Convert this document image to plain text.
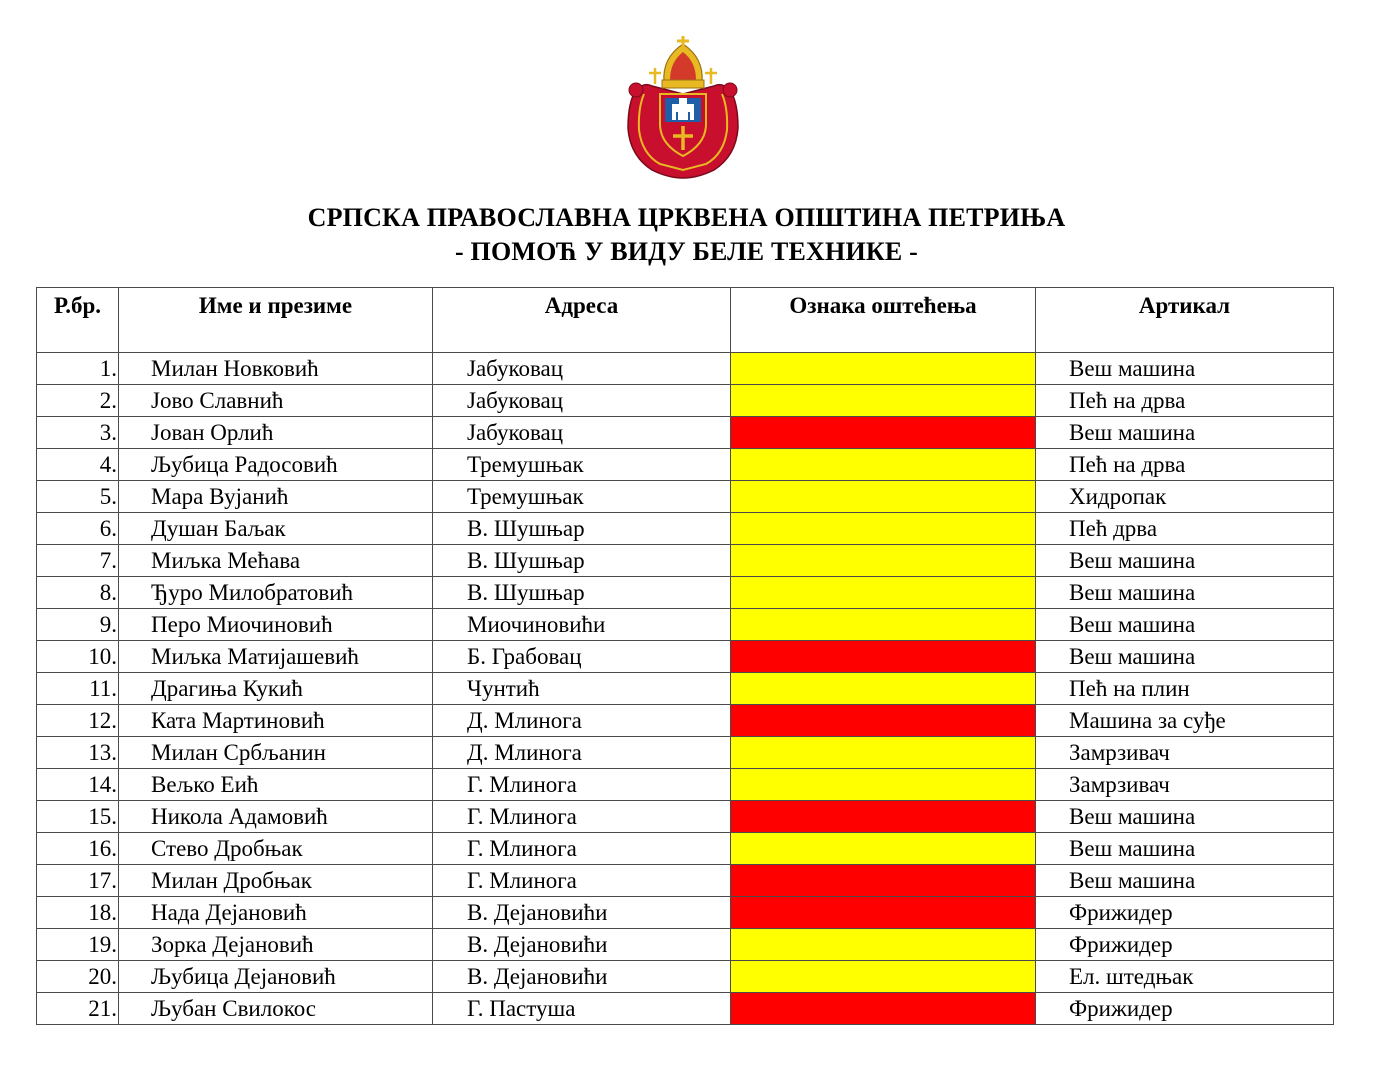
СРПСКА ПРАВОСЛАВНА ЦРКВЕНА ОПШТИНА ПЕТРИЊА
- ПОМОЋ У ВИДУ БЕЛЕ ТЕХНИКЕ -
Р.бр.	Име и презиме	Адреса	Ознака оштећења	Артикал
1.	Милан Новковић	Јабуковац		Веш машина
2.	Јово Славнић	Јабуковац		Пећ на дрва
3.	Јован Орлић	Јабуковац		Веш машина
4.	Љубица Радосовић	Тремушњак		Пећ на дрва
5.	Мара Вујанић	Тремушњак		Хидропак
6.	Душан Баљак	В. Шушњар		Пећ дрва
7.	Миљка Мећава	В. Шушњар		Веш машина
8.	Ђуро Милобратовић	В. Шушњар		Веш машина
9.	Перо Миочиновић	Миочиновићи		Веш машина
10.	Миљка Матијашевић	Б. Грабовац		Веш машина
11.	Драгиња Кукић	Чунтић		Пећ на плин
12.	Ката Мартиновић	Д. Млинога		Машина за суђе
13.	Милан Србљанин	Д. Млинога		Замрзивач
14.	Вељко Еић	Г. Млинога		Замрзивач
15.	Никола Адамовић	Г. Млинога		Веш машина
16.	Стево Дробњак	Г. Млинога		Веш машина
17.	Милан Дробњак	Г. Млинога		Веш машина
18.	Нада Дејановић	В. Дејановићи		Фрижидер
19.	Зорка Дејановић	В. Дејановићи		Фрижидер
20.	Љубица Дејановић	В. Дејановићи		Ел. штедњак
21.	Љубан Свилокос	Г. Пастуша		Фрижидер
